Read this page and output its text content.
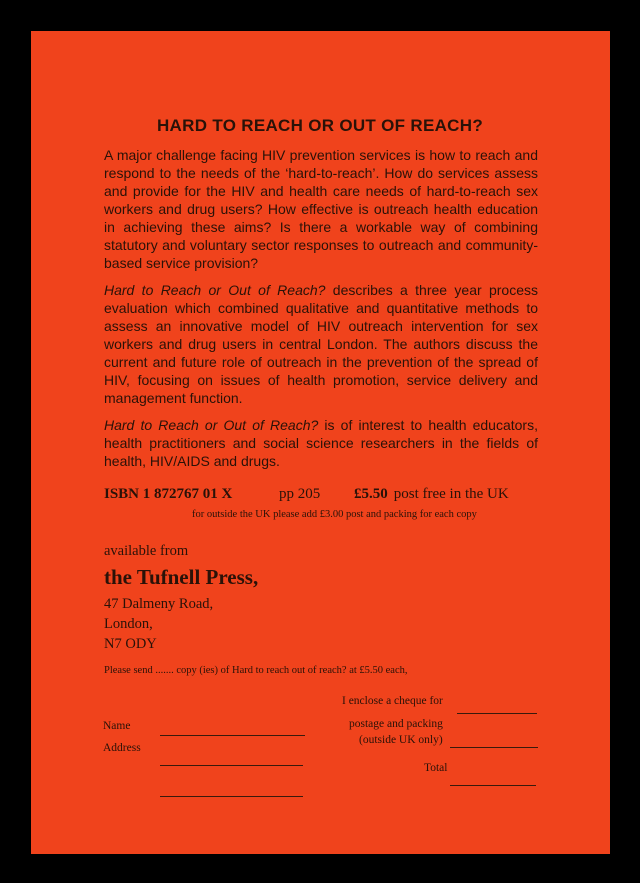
HARD TO REACH OR OUT OF REACH?

A major challenge facing HIV prevention services is how to reach and respond to the needs of the ‘hard-to-reach’. How do services assess and provide for the HIV and health care needs of hard-to-reach sex workers and drug users? How effective is outreach health education in achieving these aims? Is there a workable way of combining statutory and voluntary sector responses to outreach and community-based service provision?

Hard to Reach or Out of Reach? describes a three year process evaluation which combined qualitative and quantitative methods to assess an innovative model of HIV outreach intervention for sex workers and drug users in central London. The authors discuss the current and future role of outreach in the prevention of the spread of HIV, focusing on issues of health promotion, service delivery and management function.

Hard to Reach or Out of Reach? is of interest to health educators, health practitioners and social science researchers in the fields of health, HIV/AIDS and drugs.

ISBN 1 872767 01 X	pp 205 £5.50 post free in the UK
for outside the UK please add £3.00 post and packing for each copy
available from
the Tufnell Press,
47 Dalmeny Road,
London,
N7 ODY
Please send ....... copy (ies) of Hard to reach out of reach? at £5.50 each,
I enclose a cheque for
Name
Address
postage and packing
(outside UK only)
Total
